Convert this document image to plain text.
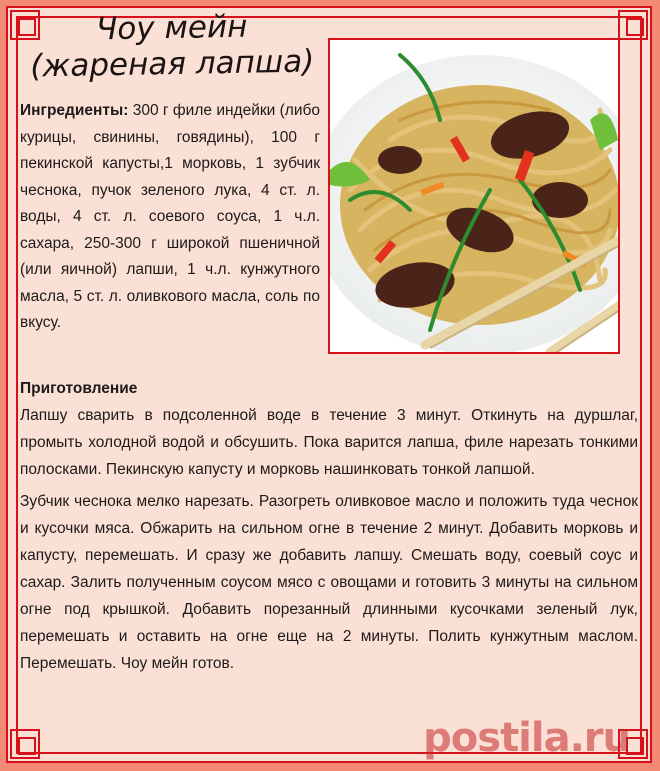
Чоу мейн
(жареная лапша)
Ингредиенты: 300 г филе индейки (либо курицы, свинины, говядины), 100 г пекинской капусты,1 морковь, 1 зубчик чеснока, пучок зеленого лука, 4 ст. л. воды, 4 ст. л. соевого соуса, 1 ч.л. сахара, 250-300 г широкой пшеничной (или яичной) лапши, 1 ч.л. кунжутного масла, 5 ст. л. оливкового масла, соль по вкусу.
Приготовление

Лапшу сварить в подсоленной воде в течение 3 минут. Откинуть на дуршлаг, промыть холодной водой и обсушить. Пока варится лапша, филе нарезать тонкими полосками. Пекинскую капусту и морковь нашинковать тонкой лапшой.

Зубчик чеснока мелко нарезать. Разогреть оливковое масло и положить туда чеснок и кусочки мяса. Обжарить на сильном огне в течение 2 минут. Добавить морковь и капусту, перемешать. И сразу же добавить лапшу. Смешать воду, соевый соус и сахар. Залить полученным соусом мясо с овощами и готовить 3 минуты на сильном огне под крышкой. Добавить порезанный длинными кусочками зеленый лук, перемешать и оставить на огне еще на 2 минуты. Полить кунжутным маслом. Перемешать. Чоу мейн готов.

postila.ru
